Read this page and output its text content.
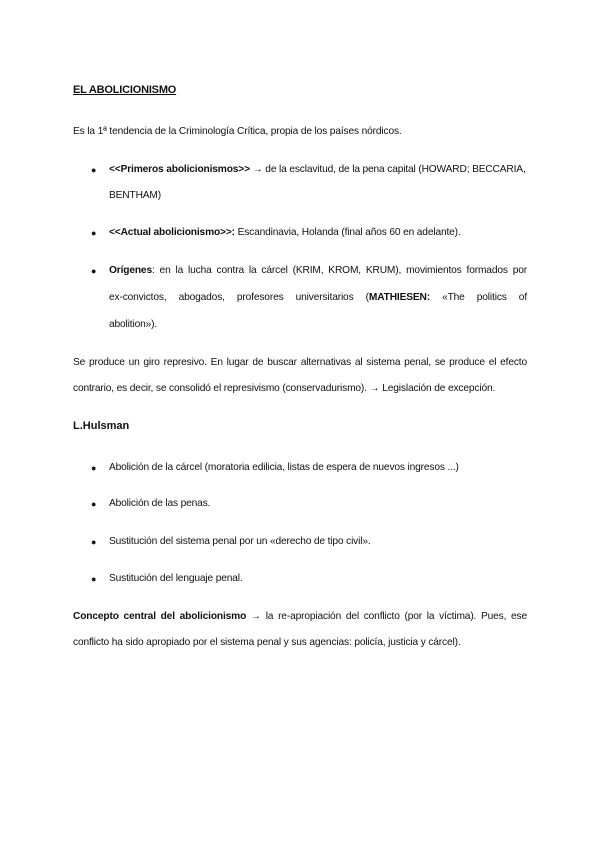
EL ABOLICIONISMO
Es la 1ª tendencia de la Criminología Crítica, propia de los países nórdicos.
● <<Primeros abolicionismos>> → de la esclavitud, de la pena capital (HOWARD; BECCARIA,
BENTHAM)
● <<Actual abolicionismo>>: Escandinavia, Holanda (final años 60 en adelante).
● Orígenes: en la lucha contra la cárcel (KRIM, KROM, KRUM), movimientos formados por
ex-convictos, abogados, profesores universitarios (MATHIESEN: «The politics of
abolition»).
Se produce un giro represivo. En lugar de buscar alternativas al sistema penal, se produce el efecto
contrario, es decir, se consolidó el represivismo (conservadurismo). → Legislación de excepción.
L.Hulsman
● Abolición de la cárcel (moratoria edilicia, listas de espera de nuevos ingresos ...)
● Abolición de las penas.
● Sustitución del sistema penal por un «derecho de tipo civil».
● Sustitución del lenguaje penal.
Concepto central del abolicionismo → la re-apropiación del conflicto (por la víctima). Pues, ese
conflicto ha sido apropiado por el sistema penal y sus agencias: policía, justicia y cárcel).
